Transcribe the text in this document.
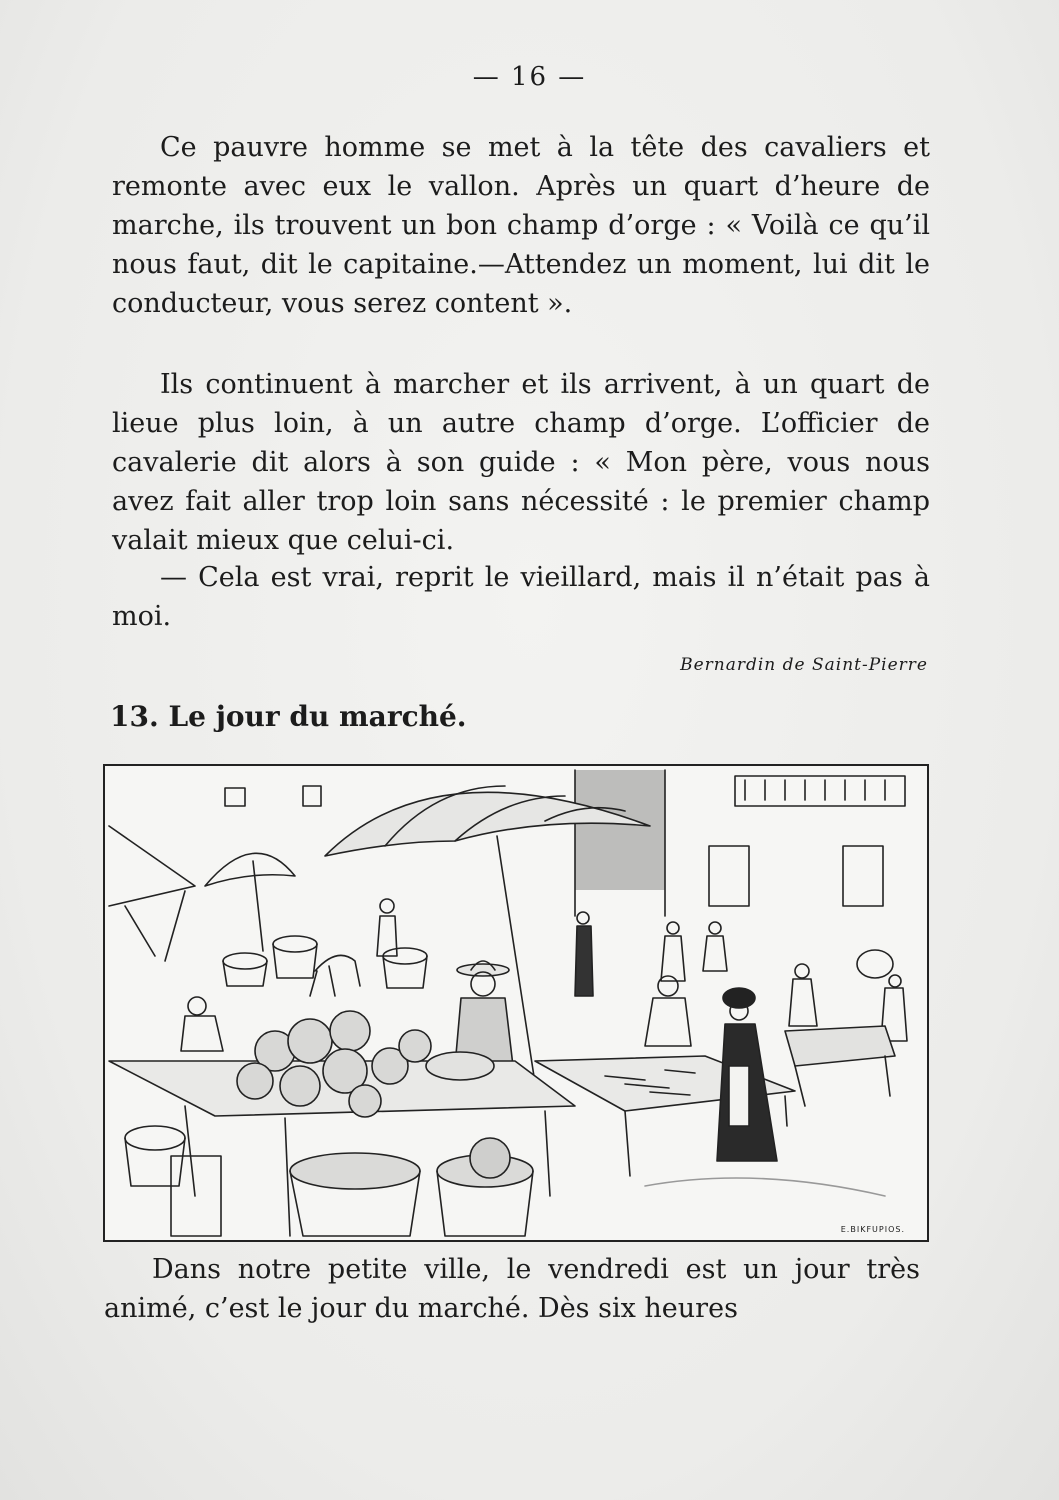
— 16 —

Ce pauvre homme se met à la tête des cavaliers et remonte avec eux le vallon. Après un quart d’heure de marche, ils trouvent un bon champ d’orge : « Voilà ce qu’il nous faut, dit le capitaine.—Attendez un moment, lui dit le conducteur, vous serez content ».

Ils continuent à marcher et ils arrivent, à un quart de lieue plus loin, à un autre champ d’orge. L’officier de cavalerie dit alors à son guide : « Mon père, vous nous avez fait aller trop loin sans nécessité : le premier champ valait mieux que celui-ci.

— Cela est vrai, reprit le vieillard, mais il n’était pas à moi.

Bernardin de Saint-Pierre
13. Le jour du marché.
E.BIKFUPIOS.

Dans notre petite ville, le vendredi est un jour très animé, c’est le jour du marché. Dès six heures
